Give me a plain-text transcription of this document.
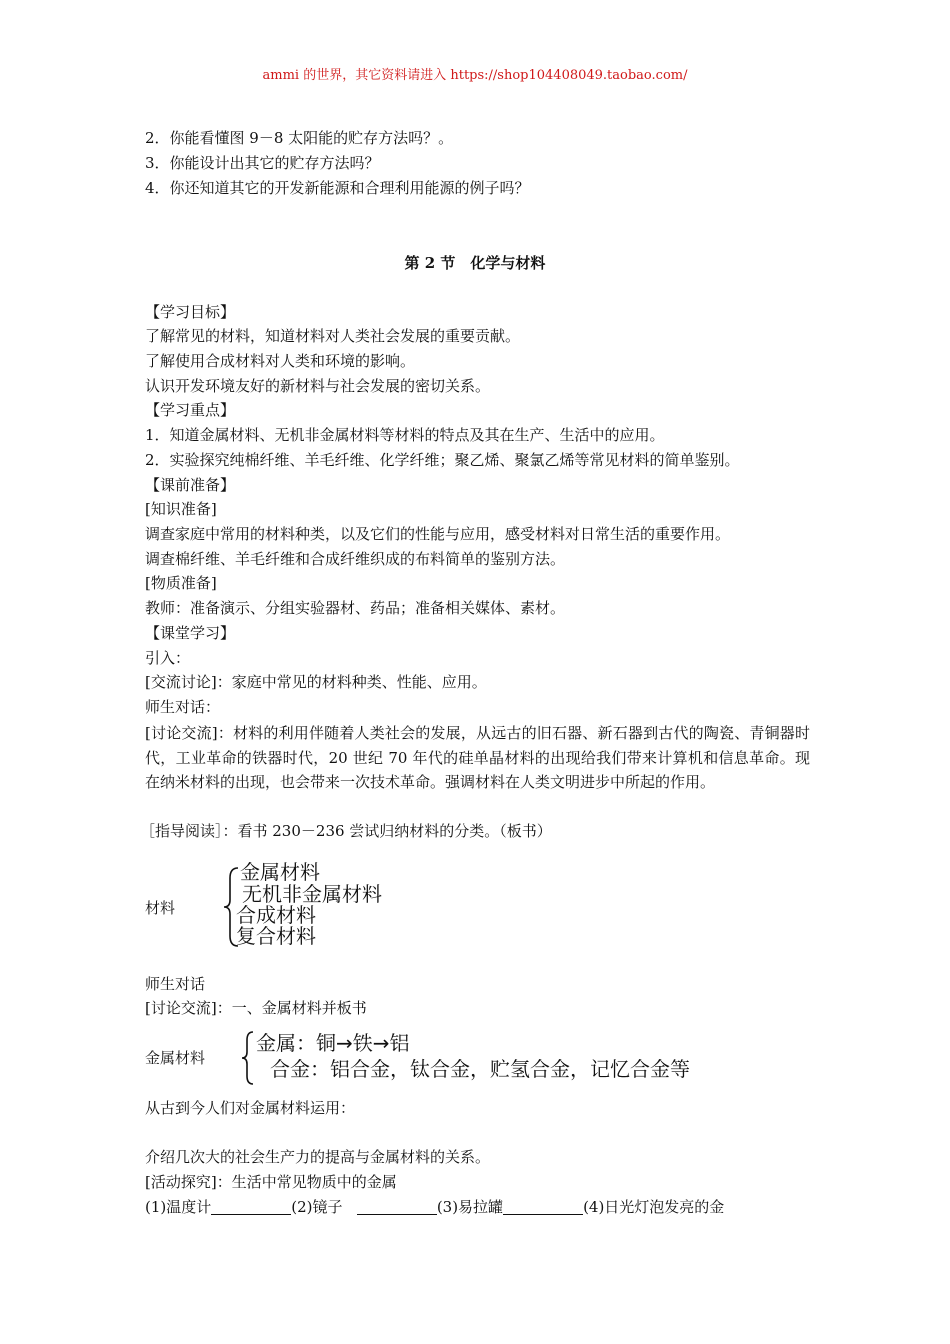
ammi 的世界，其它资料请进入 https://shop104408049.taobao.com/
2．你能看懂图 9－8 太阳能的贮存方法吗？。
3．你能设计出其它的贮存方法吗？
4．你还知道其它的开发新能源和合理利用能源的例子吗？
第 2 节　化学与材料
【学习目标】
了解常见的材料，知道材料对人类社会发展的重要贡献。
了解使用合成材料对人类和环境的影响。
认识开发环境友好的新材料与社会发展的密切关系。
【学习重点】
1．知道金属材料、无机非金属材料等材料的特点及其在生产、生活中的应用。
2．实验探究纯棉纤维、羊毛纤维、化学纤维；聚乙烯、聚氯乙烯等常见材料的简单鉴别。
【课前准备】
[知识准备]
调查家庭中常用的材料种类，以及它们的性能与应用，感受材料对日常生活的重要作用。
调查棉纤维、羊毛纤维和合成纤维织成的布料简单的鉴别方法。
[物质准备]
教师：准备演示、分组实验器材、药品；准备相关媒体、素材。
【课堂学习】
引入：
[交流讨论]：家庭中常见的材料种类、性能、应用。
师生对话：
[讨论交流]：材料的利用伴随着人类社会的发展，从远古的旧石器、新石器到古代的陶瓷、青铜器时代，工业革命的铁器时代，20 世纪 70 年代的硅单晶材料的出现给我们带来计算机和信息革命。现在纳米材料的出现，也会带来一次技术革命。强调材料在人类文明进步中所起的作用。
［指导阅读］：看书 230－236 尝试归纳材料的分类。（板书）
材料
金属材料
无机非金属材料
合成材料
复合材料
师生对话
[讨论交流]：一、金属材料并板书
金属材料
金属：铜→铁→铝
合金：铝合金，钛合金，贮氢合金，记忆合金等
从古到今人们对金属材料运用：
介绍几次大的社会生产力的提高与金属材料的关系。
[活动探究]：生活中常见物质中的金属
(1)温度计	(2)镜子	(3)易拉罐	(4)日光灯泡发亮的金
